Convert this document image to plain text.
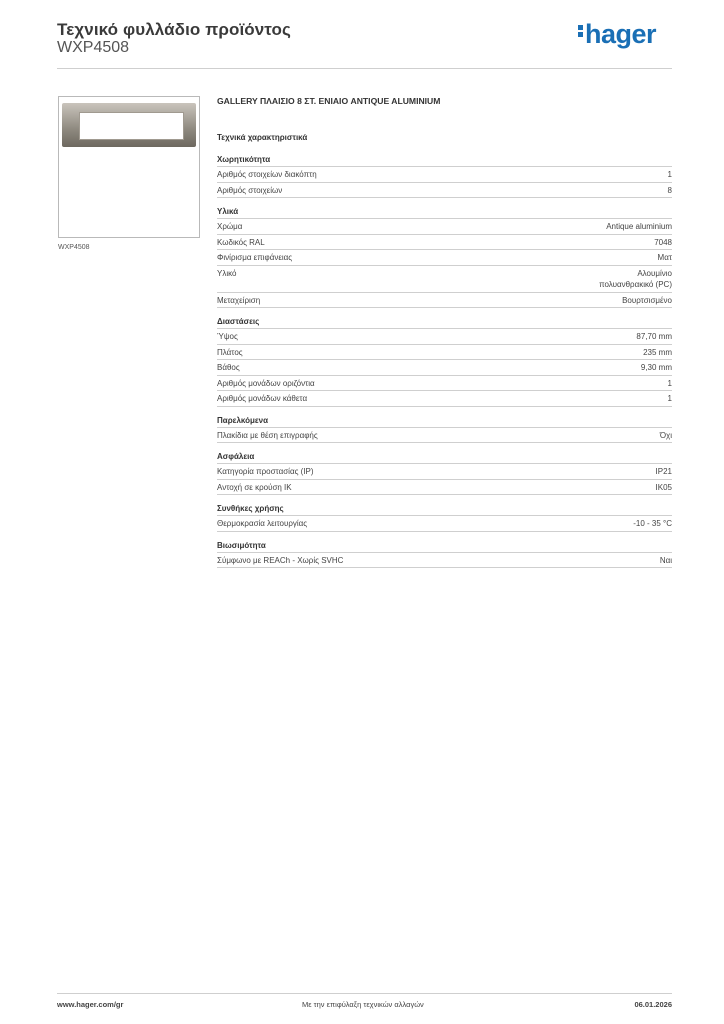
Τεχνικό φυλλάδιο προϊόντος
WXP4508	hager
WXP4508
GALLERY ΠΛΑΙΣΙΟ 8 ΣΤ. ΕΝΙΑΙΟ ANTIQUE ALUMINIUM
Τεχνικά χαρακτηριστικά
Χωρητικότητα
Αριθμός στοιχείων διακόπτη	1
Αριθμός στοιχείων	8
Υλικά
Χρώμα	Antique aluminium
Κωδικός RAL	7048
Φινίρισμα επιφάνειας	Ματ
Υλικό	Αλουμίνιο
πολυανθρακικό (PC)
Μεταχείριση	Βουρτσισμένο
Διαστάσεις
Ύψος	87,70 mm
Πλάτος	235 mm
Βάθος	9,30 mm
Αριθμός μονάδων οριζόντια	1
Αριθμός μονάδων κάθετα	1
Παρελκόμενα
Πλακίδια με θέση επιγραφής	Όχι
Ασφάλεια
Κατηγορία προστασίας (IP)	IP21
Αντοχή σε κρούση IK	IK05
Συνθήκες χρήσης
Θερμοκρασία λειτουργίας	-10 - 35 °C
Βιωσιμότητα
Σύμφωνο με REACh - Χωρίς SVHC	Ναι
www.hager.com/gr	Με την επιφύλαξη τεχνικών αλλαγών	06.01.2026
